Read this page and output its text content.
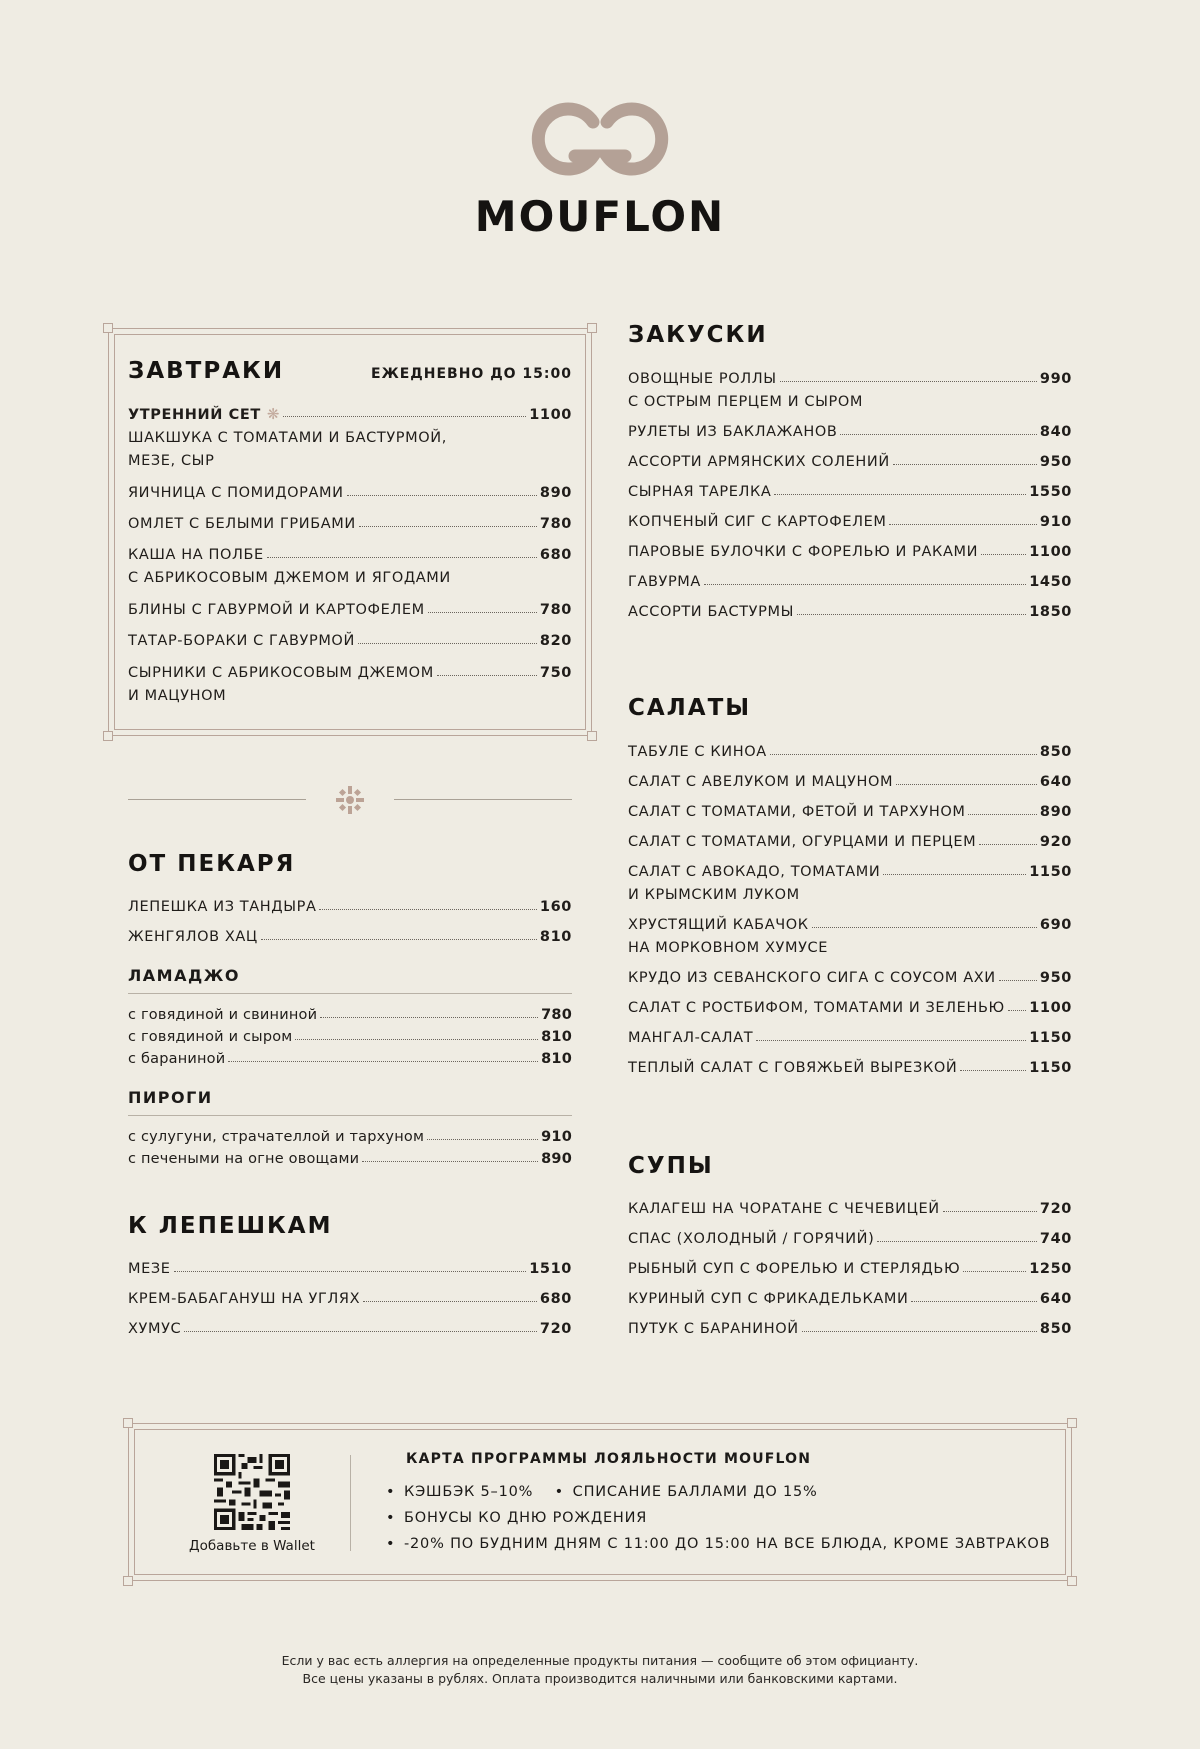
MOUFLON
ЗАВТРАКИ	ЕЖЕДНЕВНО ДО 15:00
УТРЕННИЙ СЕТ ❋	1100
ШАКШУКА С ТОМАТАМИ И БАСТУРМОЙ,
МЕЗЕ, СЫР
ЯИЧНИЦА С ПОМИДОРАМИ	890
ОМЛЕТ С БЕЛЫМИ ГРИБАМИ	780
КАША НА ПОЛБЕ	680
С АБРИКОСОВЫМ ДЖЕМОМ И ЯГОДАМИ
БЛИНЫ С ГАВУРМОЙ И КАРТОФЕЛЕМ	780
ТАТАР-БОРАКИ С ГАВУРМОЙ	820
СЫРНИКИ С АБРИКОСОВЫМ ДЖЕМОМ	750
И МАЦУНОМ
ОТ ПЕКАРЯ
ЛЕПЕШКА ИЗ ТАНДЫРА	160
ЖЕНГЯЛОВ ХАЦ	810
ЛАМАДЖО
с говядиной и свининой	780
с говядиной и сыром	810
с бараниной	810
ПИРОГИ
с сулугуни, страчателлой и тархуном	910
с печеными на огне овощами	890
К ЛЕПЕШКАМ
МЕЗЕ	1510
КРЕМ-БАБАГАНУШ НА УГЛЯХ	680
ХУМУС	720
ЗАКУСКИ
ОВОЩНЫЕ РОЛЛЫ	990
С ОСТРЫМ ПЕРЦЕМ И СЫРОМ
РУЛЕТЫ ИЗ БАКЛАЖАНОВ	840
АССОРТИ АРМЯНСКИХ СОЛЕНИЙ	950
СЫРНАЯ ТАРЕЛКА	1550
КОПЧЕНЫЙ СИГ С КАРТОФЕЛЕМ	910
ПАРОВЫЕ БУЛОЧКИ С ФОРЕЛЬЮ И РАКАМИ	1100
ГАВУРМА	1450
АССОРТИ БАСТУРМЫ	1850
САЛАТЫ
ТАБУЛЕ С КИНОА	850
САЛАТ С АВЕЛУКОМ И МАЦУНОМ	640
САЛАТ С ТОМАТАМИ, ФЕТОЙ И ТАРХУНОМ	890
САЛАТ С ТОМАТАМИ, ОГУРЦАМИ И ПЕРЦЕМ	920
САЛАТ С АВОКАДО, ТОМАТАМИ	1150
И КРЫМСКИМ ЛУКОМ
ХРУСТЯЩИЙ КАБАЧОК	690
НА МОРКОВНОМ ХУМУСЕ
КРУДО ИЗ СЕВАНСКОГО СИГА С СОУСОМ АХИ	950
САЛАТ С РОСТБИФОМ, ТОМАТАМИ И ЗЕЛЕНЬЮ 1100
МАНГАЛ-САЛАТ	1150
ТЕПЛЫЙ САЛАТ С ГОВЯЖЬЕЙ ВЫРЕЗКОЙ	1150
СУПЫ
КАЛАГЕШ НА ЧОРАТАНЕ С ЧЕЧЕВИЦЕЙ	720
СПАС (ХОЛОДНЫЙ / ГОРЯЧИЙ)	740
РЫБНЫЙ СУП С ФОРЕЛЬЮ И СТЕРЛЯДЬЮ	1250
КУРИНЫЙ СУП С ФРИКАДЕЛЬКАМИ	640
ПУТУК С БАРАНИНОЙ	850
Добавьте в Wallet
КАРТА ПРОГРАММЫ ЛОЯЛЬНОСТИ MOUFLON
• КЭШБЭК 5–10% • СПИСАНИЕ БАЛЛАМИ ДО 15%
• БОНУСЫ КО ДНЮ РОЖДЕНИЯ
• -20% ПО БУДНИМ ДНЯМ С 11:00 ДО 15:00 НА ВСЕ БЛЮДА, КРОМЕ ЗАВТРАКОВ
Если у вас есть аллергия на определенные продукты питания — сообщите об этом официанту.
Все цены указаны в рублях. Оплата производится наличными или банковскими картами.
